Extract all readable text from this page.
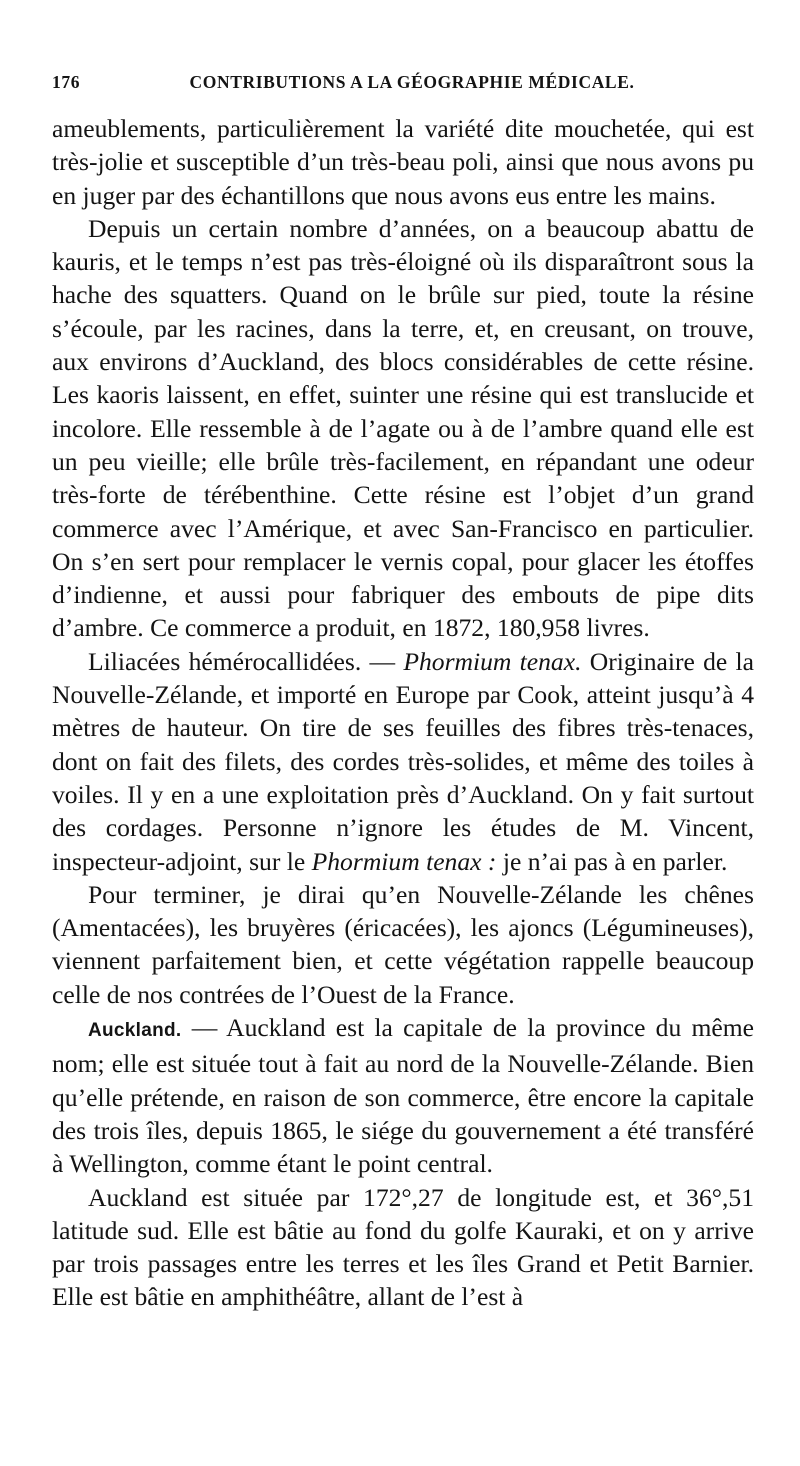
176	CONTRIBUTIONS A LA GÉOGRAPHIE MÉDICALE.

ameublements, particulièrement la variété dite mouchetée, qui est très-jolie et susceptible d’un très-beau poli, ainsi que nous avons pu en juger par des échantillons que nous avons eus entre les mains.

Depuis un certain nombre d’années, on a beaucoup abattu de kauris, et le temps n’est pas très-éloigné où ils disparaîtront sous la hache des squatters. Quand on le brûle sur pied, toute la résine s’écoule, par les racines, dans la terre, et, en creusant, on trouve, aux environs d’Auckland, des blocs considérables de cette résine. Les kaoris laissent, en effet, suinter une résine qui est translucide et incolore. Elle ressemble à de l’agate ou à de l’ambre quand elle est un peu vieille; elle brûle très-facilement, en répandant une odeur très-forte de térébenthine. Cette résine est l’objet d’un grand commerce avec l’Amérique, et avec San-Francisco en particulier. On s’en sert pour remplacer le vernis copal, pour glacer les étoffes d’indienne, et aussi pour fabriquer des embouts de pipe dits d’ambre. Ce commerce a produit, en 1872, 180,958 livres.

Liliacées hémérocallidées. — Phormium tenax. Originaire de la Nouvelle-Zélande, et importé en Europe par Cook, atteint jusqu’à 4 mètres de hauteur. On tire de ses feuilles des fibres très-tenaces, dont on fait des filets, des cordes très-solides, et même des toiles à voiles. Il y en a une exploitation près d’Auckland. On y fait surtout des cordages. Personne n’ignore les études de M. Vincent, inspecteur-adjoint, sur le Phormium tenax : je n’ai pas à en parler.

Pour terminer, je dirai qu’en Nouvelle-Zélande les chênes (Amentacées), les bruyères (éricacées), les ajoncs (Légumineuses), viennent parfaitement bien, et cette végétation rappelle beaucoup celle de nos contrées de l’Ouest de la France.

Auckland. — Auckland est la capitale de la province du même nom; elle est située tout à fait au nord de la Nouvelle-Zélande. Bien qu’elle prétende, en raison de son commerce, être encore la capitale des trois îles, depuis 1865, le siége du gouvernement a été transféré à Wellington, comme étant le point central.

Auckland est située par 172°,27 de longitude est, et 36°,51 latitude sud. Elle est bâtie au fond du golfe Kauraki, et on y arrive par trois passages entre les terres et les îles Grand et Petit Barnier. Elle est bâtie en amphithéâtre, allant de l’est à
